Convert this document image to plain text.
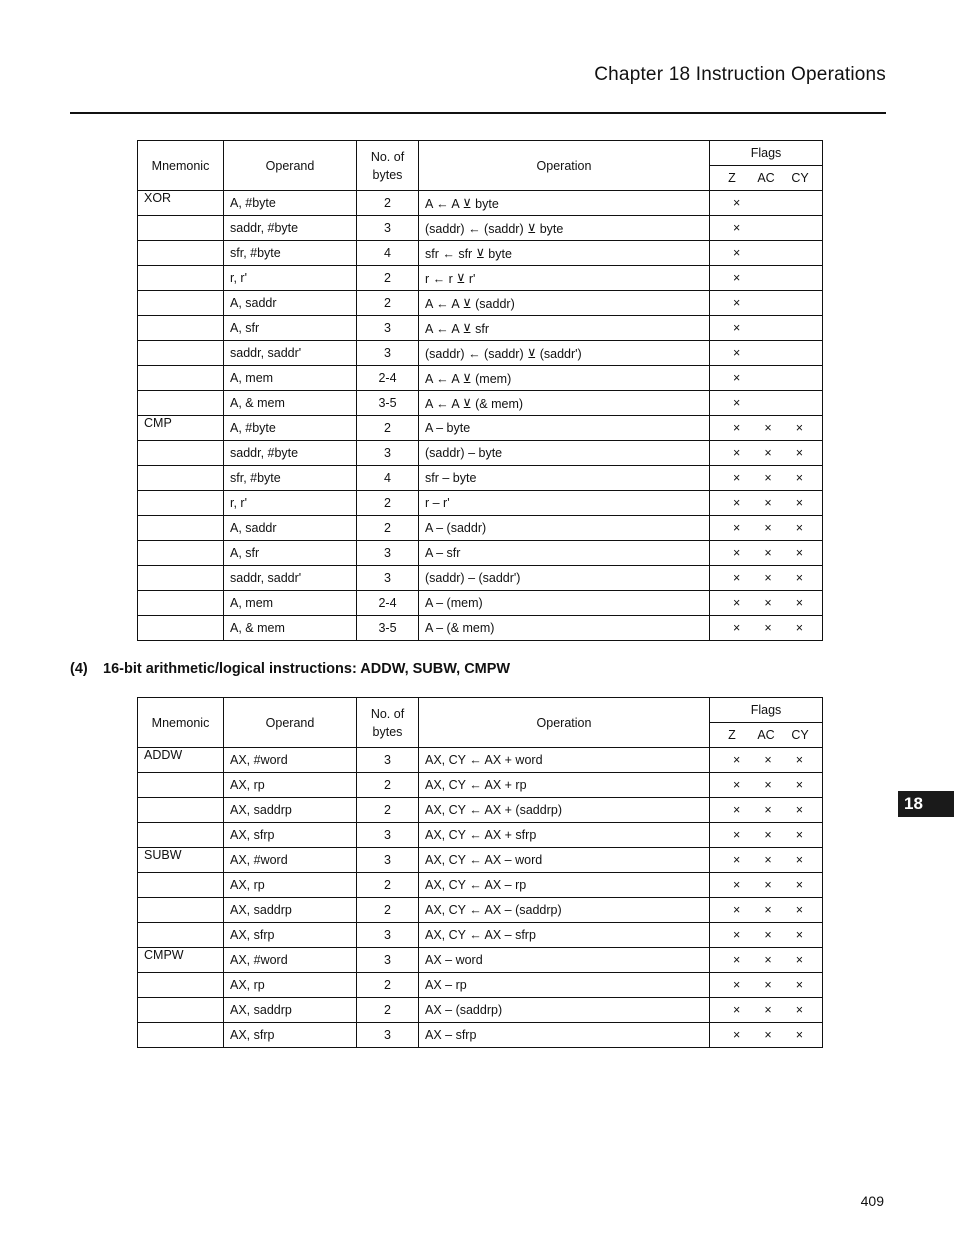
Chapter 18 Instruction Operations
Mnemonic	Operand	No. of bytes	Operation	Flags

				Z AC CY

XOR	A, #byte	2	A ← A ⊻ byte	×

	saddr, #byte	3	(saddr) ← (saddr) ⊻ byte	×

	sfr, #byte	4	sfr ← sfr ⊻ byte	×

	r, r'	2	r ← r ⊻ r'	×

	A, saddr	2	A ← A ⊻ (saddr)	×

	A, sfr	3	A ← A ⊻ sfr	×

	saddr, saddr'	3	(saddr) ← (saddr) ⊻ (saddr')	×

	A, mem	2-4	A ← A ⊻ (mem)	×

	A, & mem	3-5	A ← A ⊻ (& mem)	×

CMP	A, #byte	2	A – byte	× × ×

	saddr, #byte	3	(saddr) – byte	× × ×

	sfr, #byte	4	sfr – byte	× × ×

	r, r'	2	r – r'	× × ×

	A, saddr	2	A – (saddr)	× × ×

	A, sfr	3	A – sfr	× × ×

	saddr, saddr'	3	(saddr) – (saddr')	× × ×

	A, mem	2-4	A – (mem)	× × ×

	A, & mem	3-5	A – (& mem)	× × ×
(4) 16-bit arithmetic/logical instructions: ADDW, SUBW, CMPW
Mnemonic	Operand	No. of bytes	Operation	Flags

				Z AC CY

ADDW	AX, #word	3	AX, CY ← AX + word	× × ×

	AX, rp	2	AX, CY ← AX + rp	× × ×

	AX, saddrp	2	AX, CY ← AX + (saddrp)	× × ×

	AX, sfrp	3	AX, CY ← AX + sfrp	× × ×

SUBW	AX, #word	3	AX, CY ← AX – word	× × ×

	AX, rp	2	AX, CY ← AX – rp	× × ×

	AX, saddrp	2	AX, CY ← AX – (saddrp)	× × ×

	AX, sfrp	3	AX, CY ← AX – sfrp	× × ×

CMPW	AX, #word	3	AX – word	× × ×

	AX, rp	2	AX – rp	× × ×

	AX, saddrp	2	AX – (saddrp)	× × ×

	AX, sfrp	3	AX – sfrp	× × ×
18
409
